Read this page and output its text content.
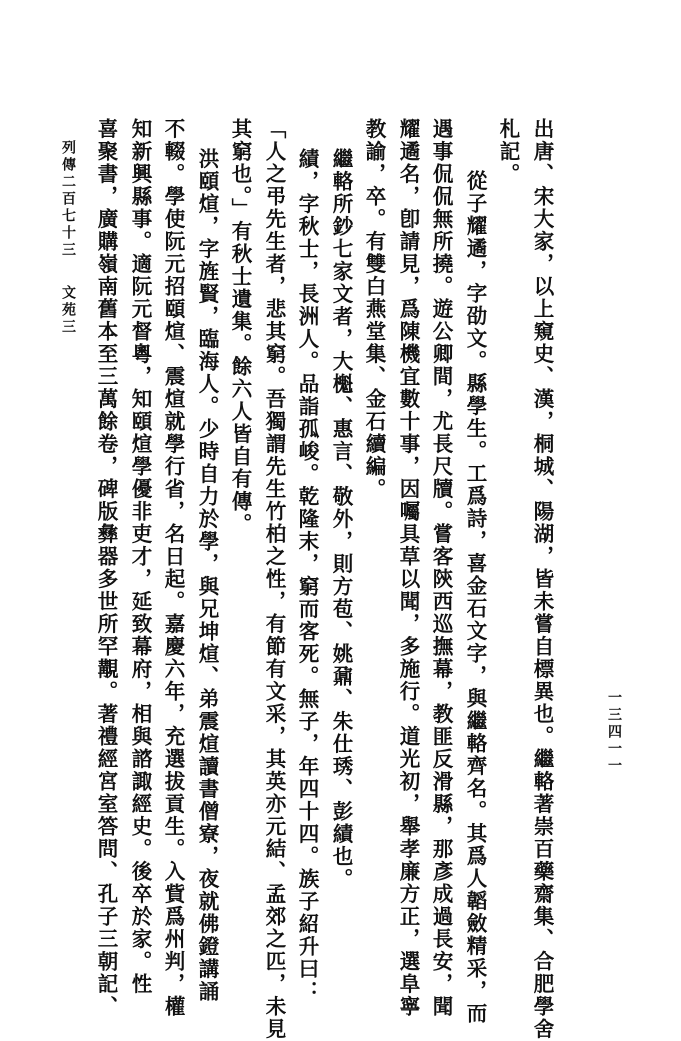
列傳二百七十三文苑三
一三四一一
出唐、宋大家，以上窺史、漢，桐城、陽湖，皆未嘗自標異也。繼輅著崇百藥齋集、合肥學舍
札記。
從子耀遹，字劭文。縣學生。工爲詩，喜金石文字，與繼輅齊名。其爲人韜斂精采，而
遇事侃侃無所撓。遊公卿間，尤長尺牘。嘗客陝西巡撫幕，教匪反滑縣，那彥成過長安，聞
耀遹名，卽請見，爲陳機宜數十事，因囑具草以聞，多施行。道光初，舉孝廉方正，選阜寧
教諭，卒。有雙白燕堂集、金石續編。
繼輅所鈔七家文者，大櫆、惠言、敬外，則方苞、姚鼐、朱仕琇、彭績也。
績，字秋士，長洲人。品詣孤峻。乾隆末，窮而客死。無子，年四十四。族子紹升曰：
「人之弔先生者，悲其窮。吾獨謂先生竹柏之性，有節有文采，其英亦元結、孟郊之匹，未見
其窮也。」有秋士遺集。餘六人皆自有傳。
洪頤煊，字旌賢，臨海人。少時自力於學，與兄坤煊、弟震煊讀書僧寮，夜就佛鐙講誦
不輟。學使阮元招頤煊、震煊就學行省，名日起。嘉慶六年，充選拔貢生。入貲爲州判，權
知新興縣事。適阮元督粵，知頤煊學優非吏才，延致幕府，相與諮諏經史。後卒於家。性
喜聚書，廣購嶺南舊本至三萬餘卷，碑版彝器多世所罕覯。著禮經宮室答問、孔子三朝記、
